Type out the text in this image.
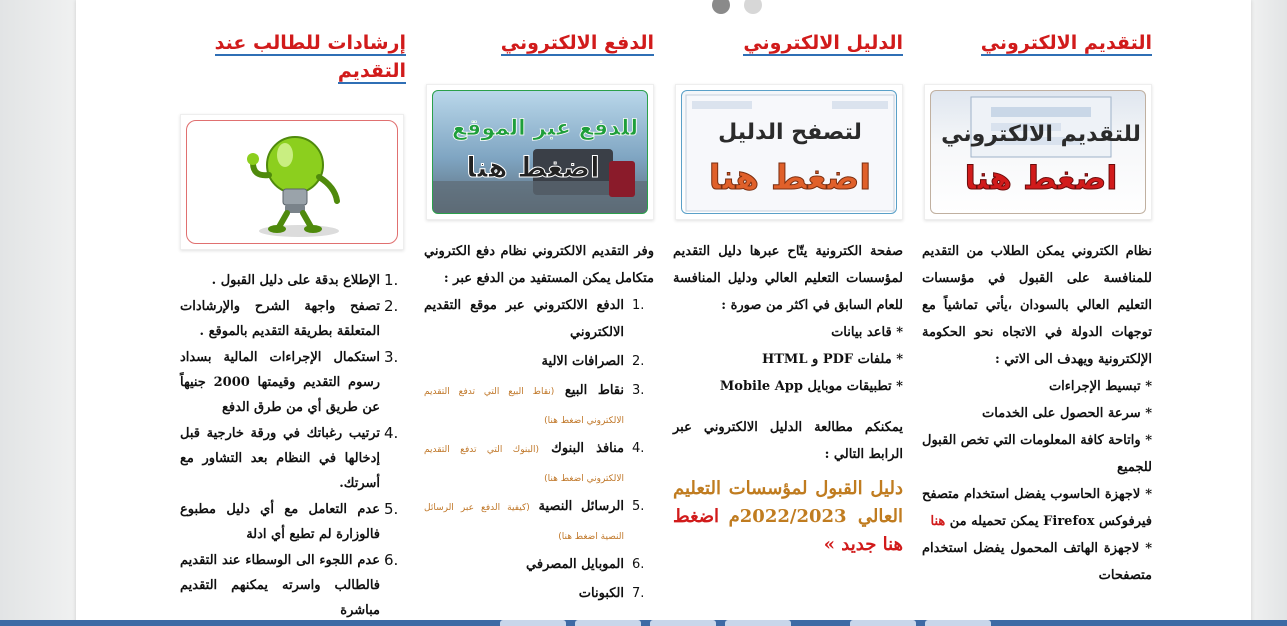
التقديم الالكتروني
للتقديم الالكتروني
اضغط هنا

نظام الكتروني يمكن الطلاب من التقديم للمنافسة على القبول في مؤسسات التعليم العالي بالسودان ،يأتي تماشياً مع توجهات الدولة في الاتجاه نحو الحكومة الإلكترونية ويهدف الى الاتي :

* تبسيط الإجراءات

* سرعة الحصول على الخدمات

* واتاحة كافة المعلومات التي تخص القبول للجميع

* لاجهزة الحاسوب يفضل استخدام متصفح فيرفوكس Firefox يمكن تحميله من هنا

* لاجهزة الهاتف المحمول يفضل استخدام متصفحات

الدليل الالكتروني
لتصفح الدليل
اضغط هنا

صفحة الكترونية يتّاح عبرها دليل التقديم لمؤسسات التعليم العالي ودليل المنافسة للعام السابق في اكثر من صورة :

* قاعد بيانات

* ملفات PDF و HTML

* تطبيقات موبايل Mobile App

يمكنكم مطالعة الدليل الالكتروني عبر الرابط التالي :

دليل القبول لمؤسسات التعليم العالي 2022/2023م اضغط هنا جديد »

الدفع الالكتروني
للدفع عبر الموقع
اضغط هنا

وفر التقديم الالكتروني نظام دفع الكتروني متكامل يمكن المستفيد من الدفع عبر :

.1
الدفع الالكتروني عبر موقع التقديم الالكتروني
.2
الصرافات الالية
.3
نقاط البيع (نقاط البيع التي تدفع التقديم الالكتروني اضغط هنا)
.4
منافذ البنوك (البنوك التي تدفع التقديم الالكتروني اضغط هنا)
.5
الرسائل النصية (كيفية الدفع عبر الرسائل النصية اضغط هنا)
.6
الموبايل المصرفي
.7
الكبونات
إرشادات للطالب عند
التقديم
.1
الإطلاع بدقة على دليل القبول .
.2
تصفح واجهة الشرح والإرشادات المتعلقة بطريقة التقديم بالموقع .
.3
استكمال الإجراءات المالية بسداد رسوم التقديم وقيمتها 2000 جنيهاً عن طريق أي من طرق الدفع
.4
ترتيب رغباتك في ورقة خارجية قبل إدخالها في النظام بعد التشاور مع أسرتك.
.5
عدم التعامل مع أي دليل مطبوع فالوزارة لم تطبع أي ادلة
.6
عدم اللجوء الى الوسطاء عند التقديم فالطالب واسرته يمكنهم التقديم مباشرة
